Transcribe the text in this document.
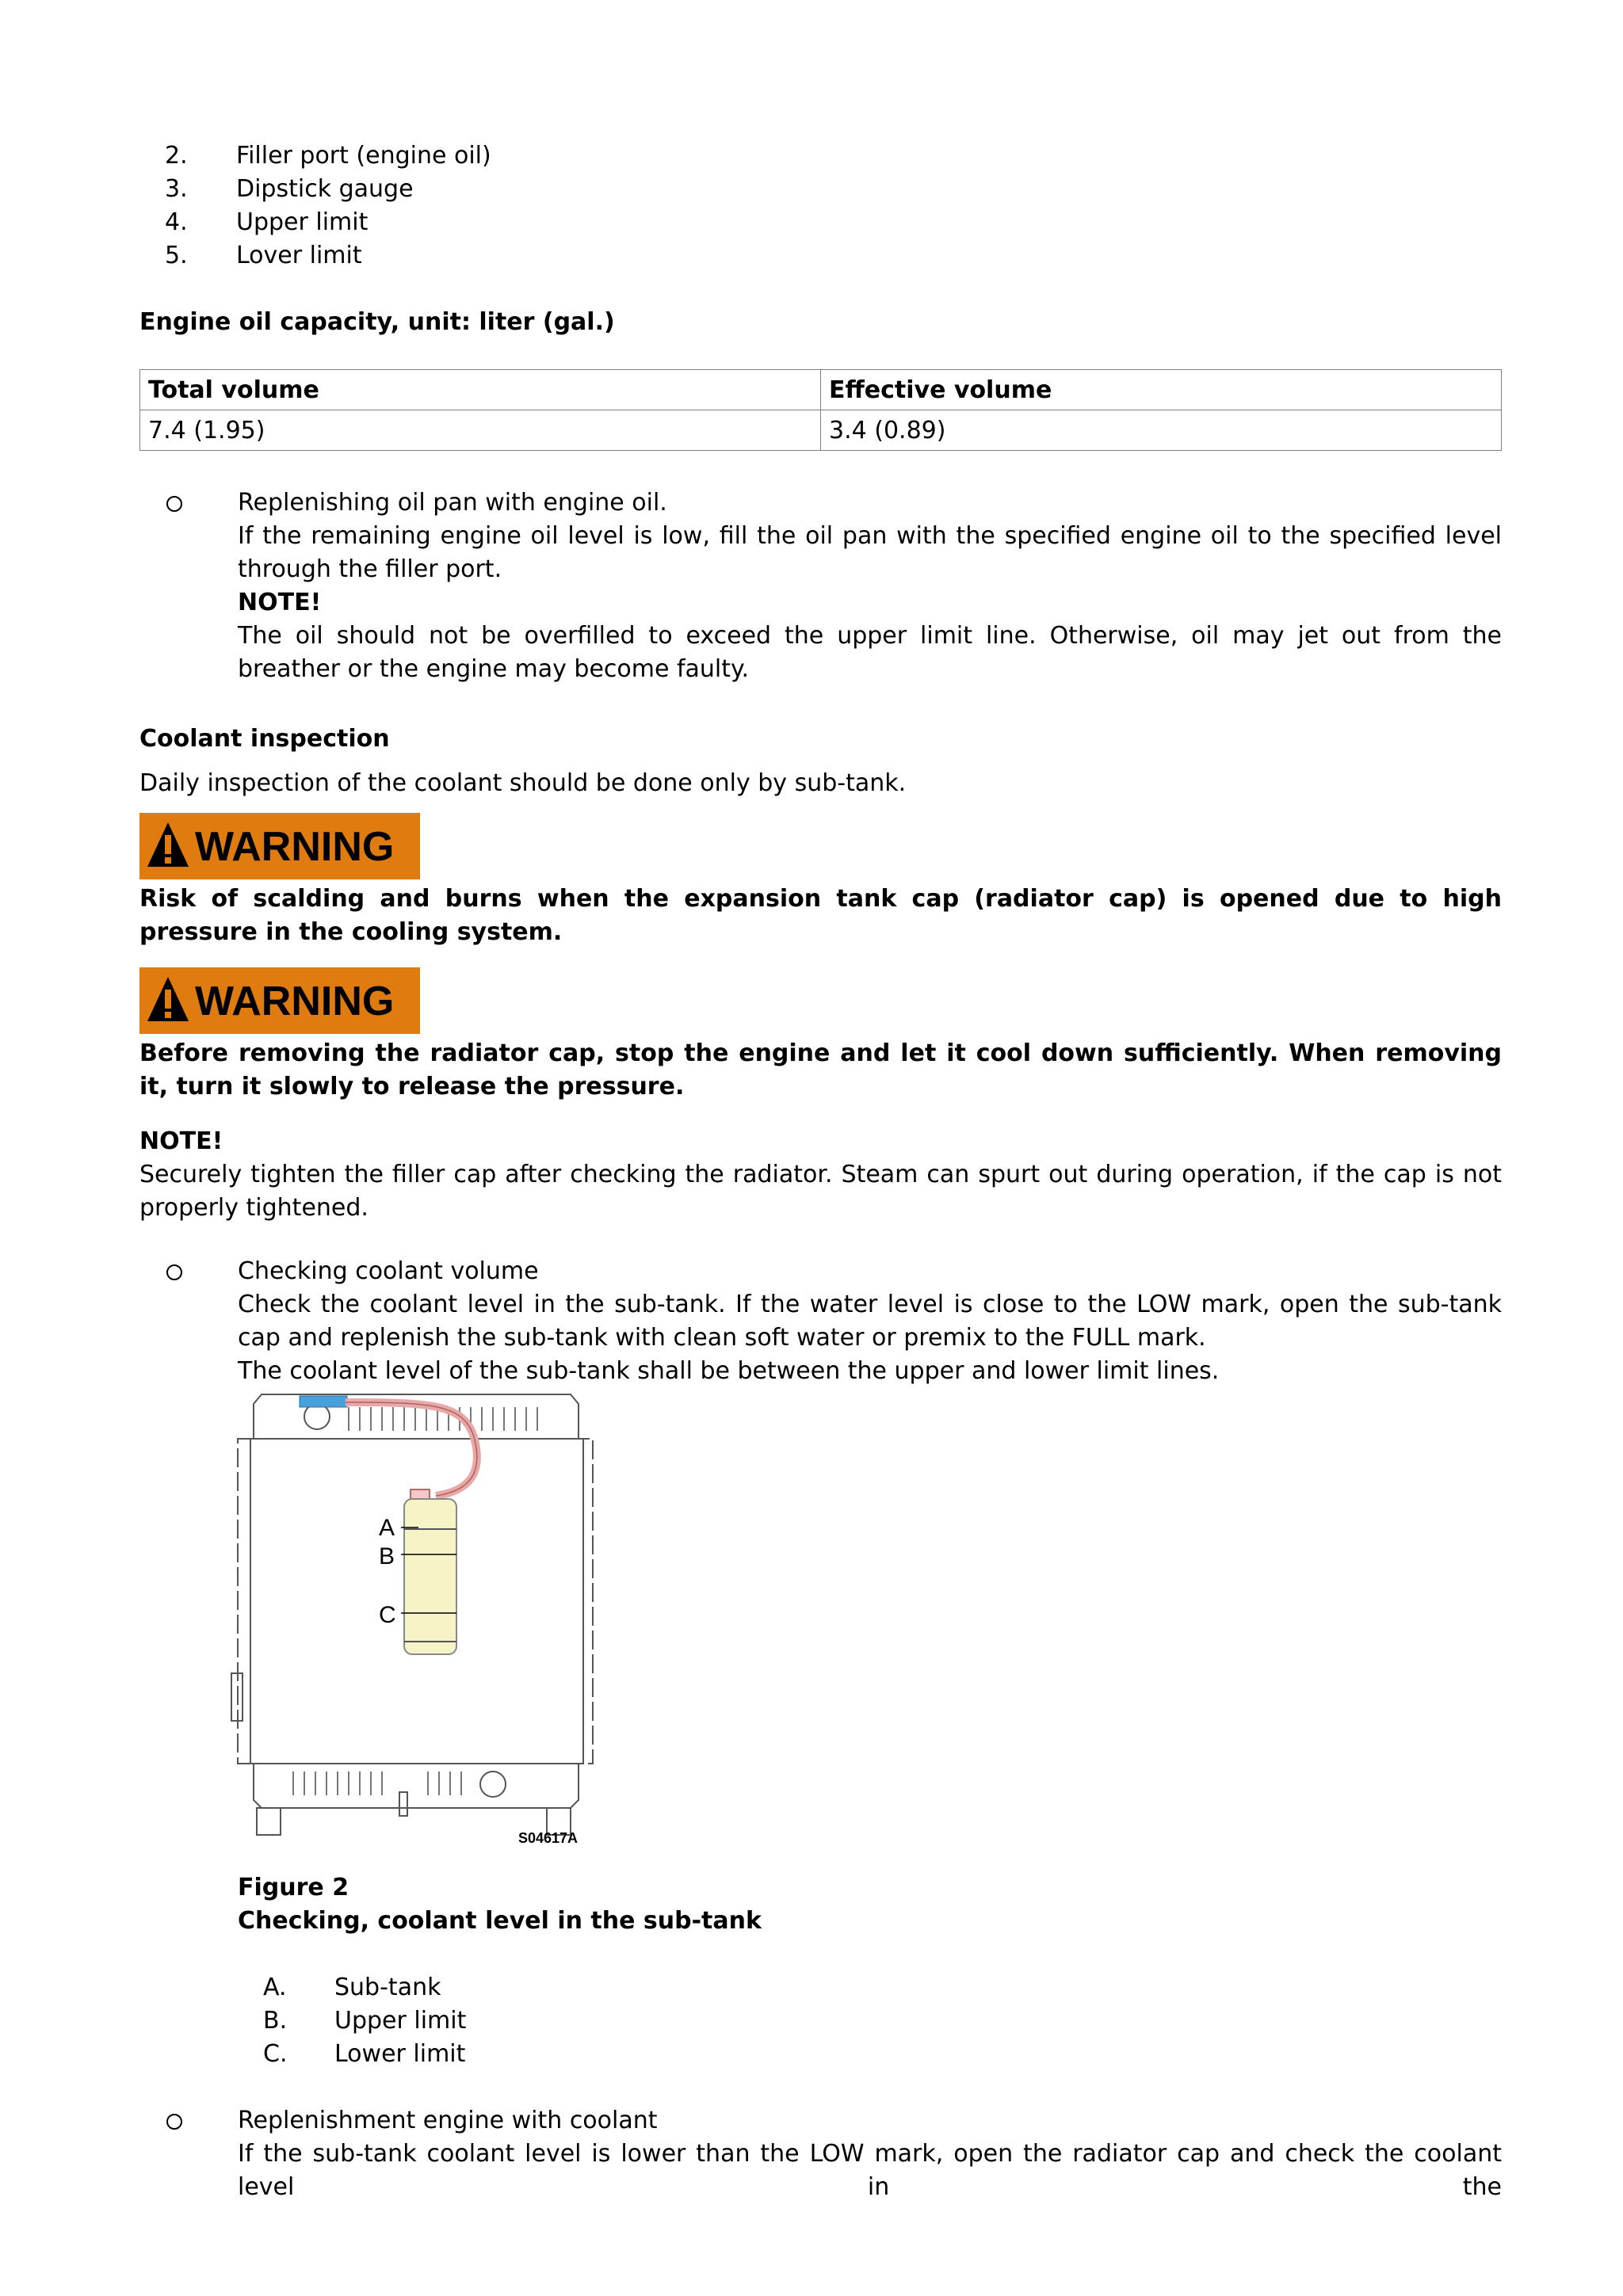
2. Filler port (engine oil)
3. Dipstick gauge
4. Upper limit
5. Lover limit
Engine oil capacity, unit: liter (gal.)
Total volume	Effective volume
7.4 (1.95)	3.4 (0.89)
Replenishing oil pan with engine oil.
If the remaining engine oil level is low, fill the oil pan with the specified engine oil to the specified level through the filler port.
NOTE!
The oil should not be overfilled to exceed the upper limit line. Otherwise, oil may jet out from the breather or the engine may become faulty.
Coolant inspection
Daily inspection of the coolant should be done only by sub-tank.
WARNING
Risk of scalding and burns when the expansion tank cap (radiator cap) is opened due to high pressure in the cooling system.
WARNING
Before removing the radiator cap, stop the engine and let it cool down sufficiently. When removing it, turn it slowly to release the pressure.
NOTE!
Securely tighten the filler cap after checking the radiator. Steam can spurt out during operation, if the cap is not properly tightened.
Checking coolant volume
Check the coolant level in the sub-tank. If the water level is close to the LOW mark, open the sub-tank cap and replenish the sub-tank with clean soft water or premix to the FULL mark.
The coolant level of the sub-tank shall be between the upper and lower limit lines.
A
B
C
S04617A
Figure 2
Checking, coolant level in the sub-tank
A. Sub-tank
B. Upper limit
C. Lower limit
Replenishment engine with coolant
If the sub-tank coolant level is lower than the LOW mark, open the radiator cap and check the coolant level in the
